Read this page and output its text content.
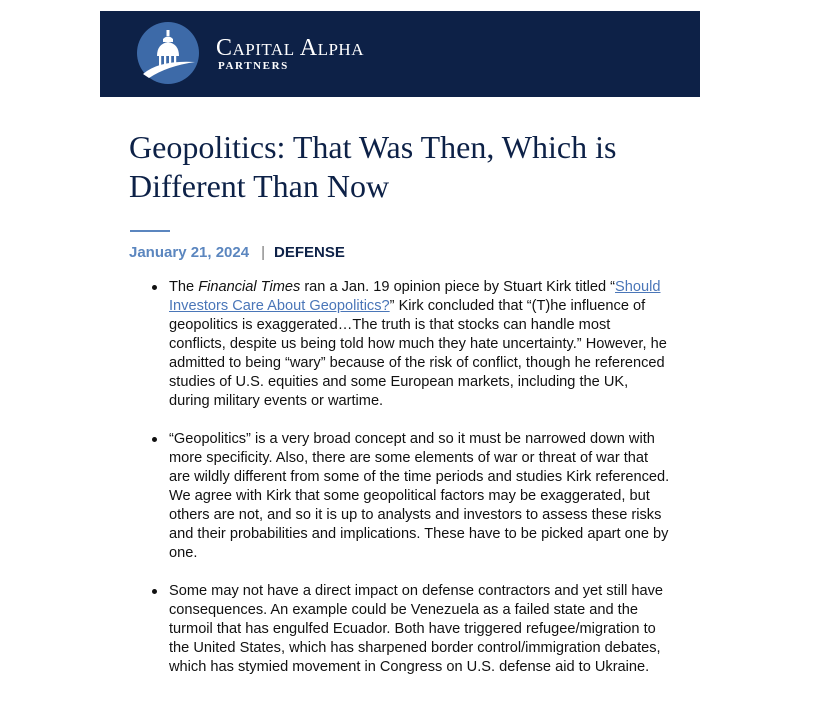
Capital Alpha
PARTNERS
Geopolitics: That Was Then, Which is Different Than Now
January 21, 2024 | DEFENSE
The Financial Times ran a Jan. 19 opinion piece by Stuart Kirk titled “Should Investors Care About Geopolitics?” Kirk concluded that “(T)he influence of geopolitics is exaggerated…The truth is that stocks can handle most conflicts, despite us being told how much they hate uncertainty.” However, he admitted to being “wary” because of the risk of conflict, though he referenced studies of U.S. equities and some European markets, including the UK, during military events or wartime.
“Geopolitics” is a very broad concept and so it must be narrowed down with more specificity. Also, there are some elements of war or threat of war that are wildly different from some of the time periods and studies Kirk referenced. We agree with Kirk that some geopolitical factors may be exaggerated, but others are not, and so it is up to analysts and investors to assess these risks and their probabilities and implications. These have to be picked apart one by one.
Some may not have a direct impact on defense contractors and yet still have consequences. An example could be Venezuela as a failed state and the turmoil that has engulfed Ecuador. Both have triggered refugee/migration to the United States, which has sharpened border control/immigration debates, which has stymied movement in Congress on U.S. defense aid to Ukraine.
